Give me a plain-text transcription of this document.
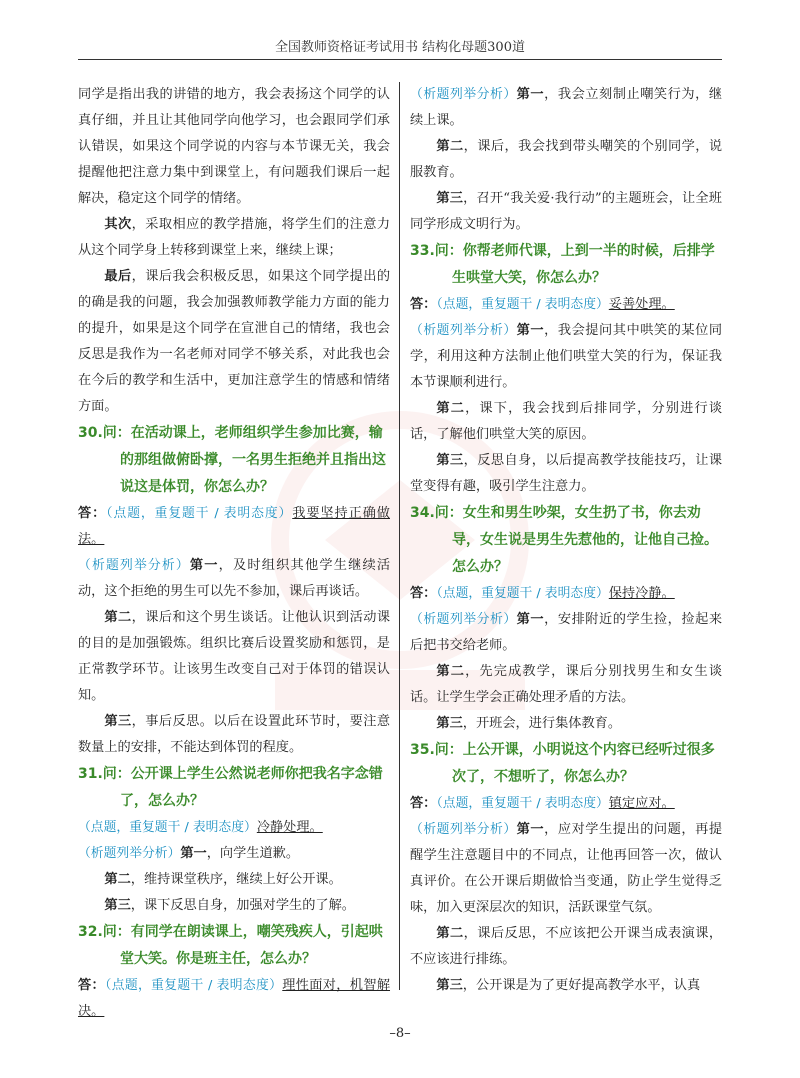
全国教师资格证考试用书 结构化母题300道

同学是指出我的讲错的地方，我会表扬这个同学的认真仔细，并且让其他同学向他学习，也会跟同学们承认错误，如果这个同学说的内容与本节课无关，我会提醒他把注意力集中到课堂上，有问题我们课后一起解决，稳定这个同学的情绪。

其次，采取相应的教学措施，将学生们的注意力从这个同学身上转移到课堂上来，继续上课；

最后，课后我会积极反思，如果这个同学提出的的确是我的问题，我会加强教师教学能力方面的能力的提升，如果是这个同学在宣泄自己的情绪，我也会反思是我作为一名老师对同学不够关系，对此我也会在今后的教学和生活中，更加注意学生的情感和情绪方面。

30.问：在活动课上，老师组织学生参加比赛，输的那组做俯卧撑，一名男生拒绝并且指出这说这是体罚，你怎么办？

答：（点题，重复题干 / 表明态度）我要坚持正确做法。

（析题列举分析）第一，及时组织其他学生继续活动，这个拒绝的男生可以先不参加，课后再谈话。

第二，课后和这个男生谈话。让他认识到活动课的目的是加强锻炼。组织比赛后设置奖励和惩罚，是正常教学环节。让该男生改变自己对于体罚的错误认知。

第三，事后反思。以后在设置此环节时，要注意数量上的安排，不能达到体罚的程度。

31.问：公开课上学生公然说老师你把我名字念错了，怎么办？

（点题，重复题干 / 表明态度）冷静处理。

（析题列举分析）第一，向学生道歉。

第二，维持课堂秩序，继续上好公开课。

第三，课下反思自身，加强对学生的了解。

32.问：有同学在朗读课上，嘲笑残疾人，引起哄堂大笑。你是班主任，怎么办？

答：（点题，重复题干 / 表明态度）理性面对，机智解决。

（析题列举分析）第一，我会立刻制止嘲笑行为，继续上课。

第二，课后，我会找到带头嘲笑的个别同学，说服教育。

第三，召开“我关爱·我行动”的主题班会，让全班同学形成文明行为。

33.问：你帮老师代课，上到一半的时候，后排学生哄堂大笑，你怎么办？

答：（点题，重复题干 / 表明态度）妥善处理。

（析题列举分析）第一，我会提问其中哄笑的某位同学，利用这种方法制止他们哄堂大笑的行为，保证我本节课顺利进行。

第二，课下，我会找到后排同学，分别进行谈话，了解他们哄堂大笑的原因。

第三，反思自身，以后提高教学技能技巧，让课堂变得有趣，吸引学生注意力。

34.问：女生和男生吵架，女生扔了书，你去劝导，女生说是男生先惹他的，让他自己捡。怎么办？

答：（点题，重复题干 / 表明态度）保持冷静。

（析题列举分析）第一，安排附近的学生捡，捡起来后把书交给老师。

第二，先完成教学，课后分别找男生和女生谈话。让学生学会正确处理矛盾的方法。

第三，开班会，进行集体教育。

35.问：上公开课，小明说这个内容已经听过很多次了，不想听了，你怎么办？

答：（点题，重复题干 / 表明态度）镇定应对。

（析题列举分析）第一，应对学生提出的问题，再提醒学生注意题目中的不同点，让他再回答一次，做认真评价。在公开课后期做恰当变通，防止学生觉得乏味，加入更深层次的知识，活跃课堂气氛。

第二，课后反思，不应该把公开课当成表演课，不应该进行排练。

第三，公开课是为了更好提高教学水平，认真

–8–
